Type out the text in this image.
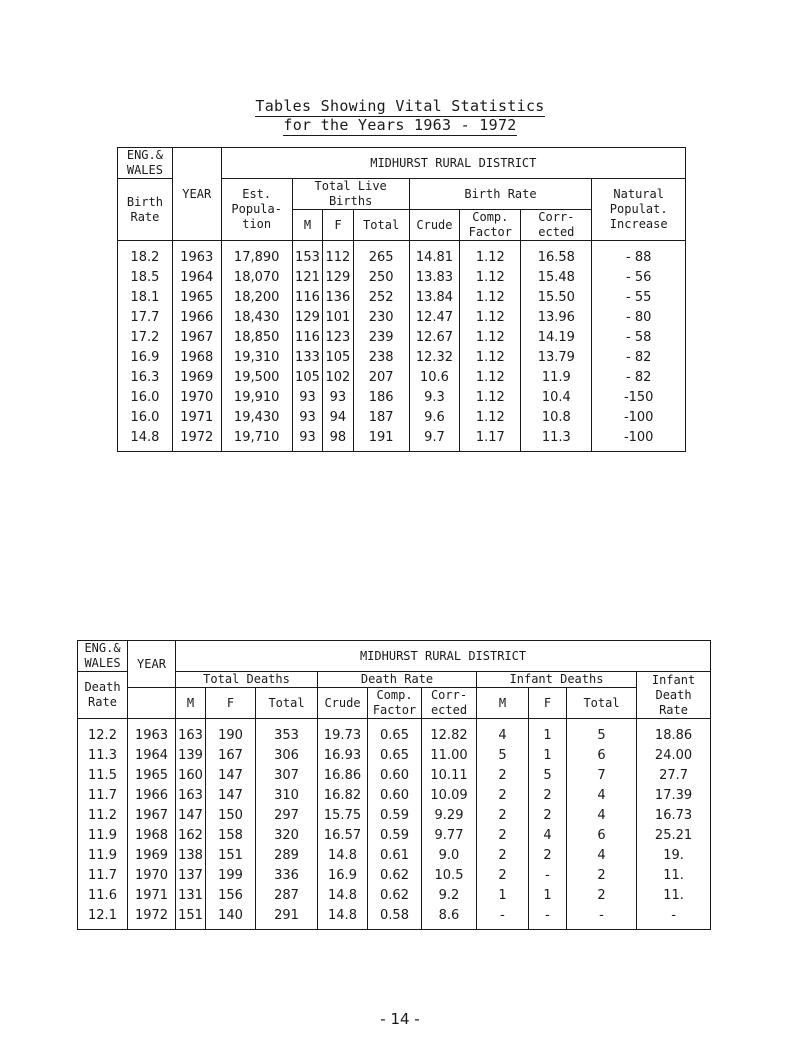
Tables Showing Vital Statistics
for the Years 1963 - 1972
ENG.& WALES	YEAR	MIDHURST RURAL DISTRICT							
Birth Rate		Est. Popula- tion	Total Live Births			Birth Rate			Natural Populat. Increase
			M	F	Total	Crude	Comp. Factor	Corr- ected	
18.2	1963	17,890	153	112	265	14.81	1.12	16.58	- 88
18.5	1964	18,070	121	129	250	13.83	1.12	15.48	- 56
18.1	1965	18,200	116	136	252	13.84	1.12	15.50	- 55
17.7	1966	18,430	129	101	230	12.47	1.12	13.96	- 80
17.2	1967	18,850	116	123	239	12.67	1.12	14.19	- 58
16.9	1968	19,310	133	105	238	12.32	1.12	13.79	- 82
16.3	1969	19,500	105	102	207	10.6	1.12	11.9	- 82
16.0	1970	19,910	93	93	186	9.3	1.12	10.4	-150
16.0	1971	19,430	93	94	187	9.6	1.12	10.8	-100
14.8	1972	19,710	93	98	191	9.7	1.17	11.3	-100
ENG.& WALES	YEAR	MIDHURST RURAL DISTRICT									
Death Rate		Total Deaths			Death Rate			Infant Deaths			Infant Death Rate
		M	F	Total	Crude	Comp. Factor	Corr- ected	M	F	Total	
12.2	1963	163	190	353	19.73	0.65	12.82	4	1	5	18.86
11.3	1964	139	167	306	16.93	0.65	11.00	5	1	6	24.00
11.5	1965	160	147	307	16.86	0.60	10.11	2	5	7	27.7
11.7	1966	163	147	310	16.82	0.60	10.09	2	2	4	17.39
11.2	1967	147	150	297	15.75	0.59	9.29	2	2	4	16.73
11.9	1968	162	158	320	16.57	0.59	9.77	2	4	6	25.21
11.9	1969	138	151	289	14.8	0.61	9.0	2	2	4	19.
11.7	1970	137	199	336	16.9	0.62	10.5	2	-	2	11.
11.6	1971	131	156	287	14.8	0.62	9.2	1	1	2	11.
12.1	1972	151	140	291	14.8	0.58	8.6	-	-	-	-
- 14 -
